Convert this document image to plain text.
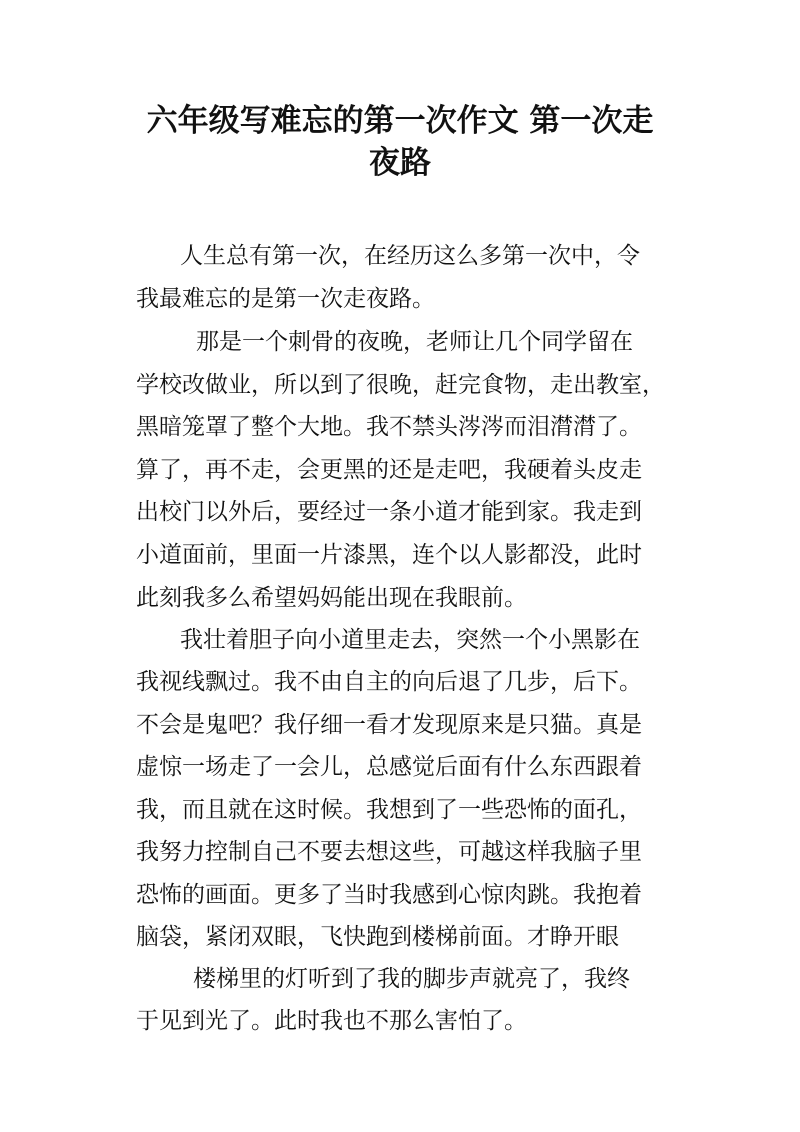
六年级写难忘的第一次作文 第一次走
夜路

人生总有第一次，在经历这么多第一次中，令

我最难忘的是第一次走夜路。

那是一个刺骨的夜晚，老师让几个同学留在

学校改做业，所以到了很晚，赶完食物，走出教室，

黑暗笼罩了整个大地。我不禁头涔涔而泪潸潸了。

算了，再不走，会更黑的还是走吧，我硬着头皮走

出校门以外后，要经过一条小道才能到家。我走到

小道面前，里面一片漆黑，连个以人影都没，此时

此刻我多么希望妈妈能出现在我眼前。

我壮着胆子向小道里走去，突然一个小黑影在

我视线飘过。我不由自主的向后退了几步，后下。

不会是鬼吧？我仔细一看才发现原来是只猫。真是

虚惊一场走了一会儿，总感觉后面有什么东西跟着

我，而且就在这时候。我想到了一些恐怖的面孔，

我努力控制自己不要去想这些，可越这样我脑子里

恐怖的画面。更多了当时我感到心惊肉跳。我抱着

脑袋，紧闭双眼，飞快跑到楼梯前面。才睁开眼

楼梯里的灯听到了我的脚步声就亮了，我终

于见到光了。此时我也不那么害怕了。
